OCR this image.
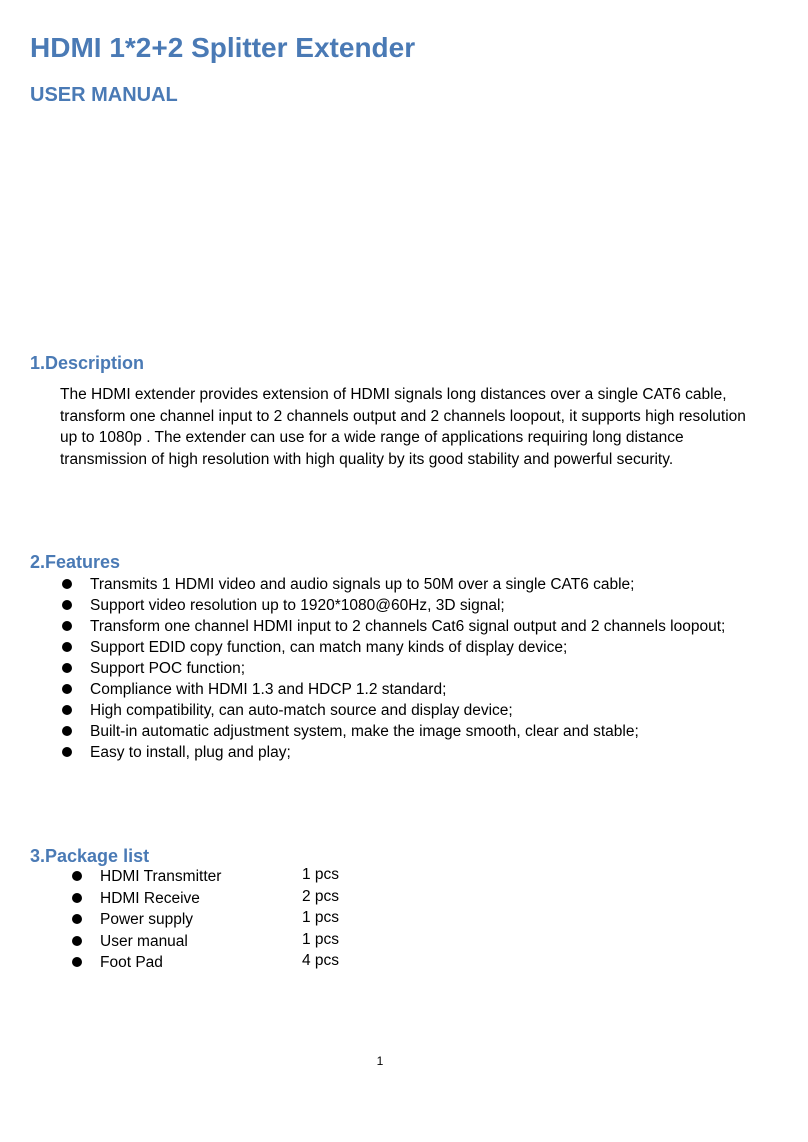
HDMI 1*2+2 Splitter Extender
USER MANUAL
1.Description

The HDMI extender provides extension of HDMI signals long distances over a single CAT6 cable, transform one channel input to 2 channels output and 2 channels loopout, it supports high resolution up to 1080p . The extender can use for a wide range of applications requiring long distance transmission of high resolution with high quality by its good stability and powerful security.

2.Features
Transmits 1 HDMI video and audio signals up to 50M over a single CAT6 cable;
Support video resolution up to 1920*1080@60Hz, 3D signal;
Transform one channel HDMI input to 2 channels Cat6 signal output and 2 channels loopout;
Support EDID copy function, can match many kinds of display device;
Support POC function;
Compliance with HDMI 1.3 and HDCP 1.2 standard;
High compatibility, can auto-match source and display device;
Built-in automatic adjustment system, make the image smooth, clear and stable;
Easy to install, plug and play;
3.Package list
HDMI Transmitter	1 pcs
HDMI Receive	2 pcs
Power supply	1 pcs
User manual	1 pcs
Foot Pad	4 pcs
1
